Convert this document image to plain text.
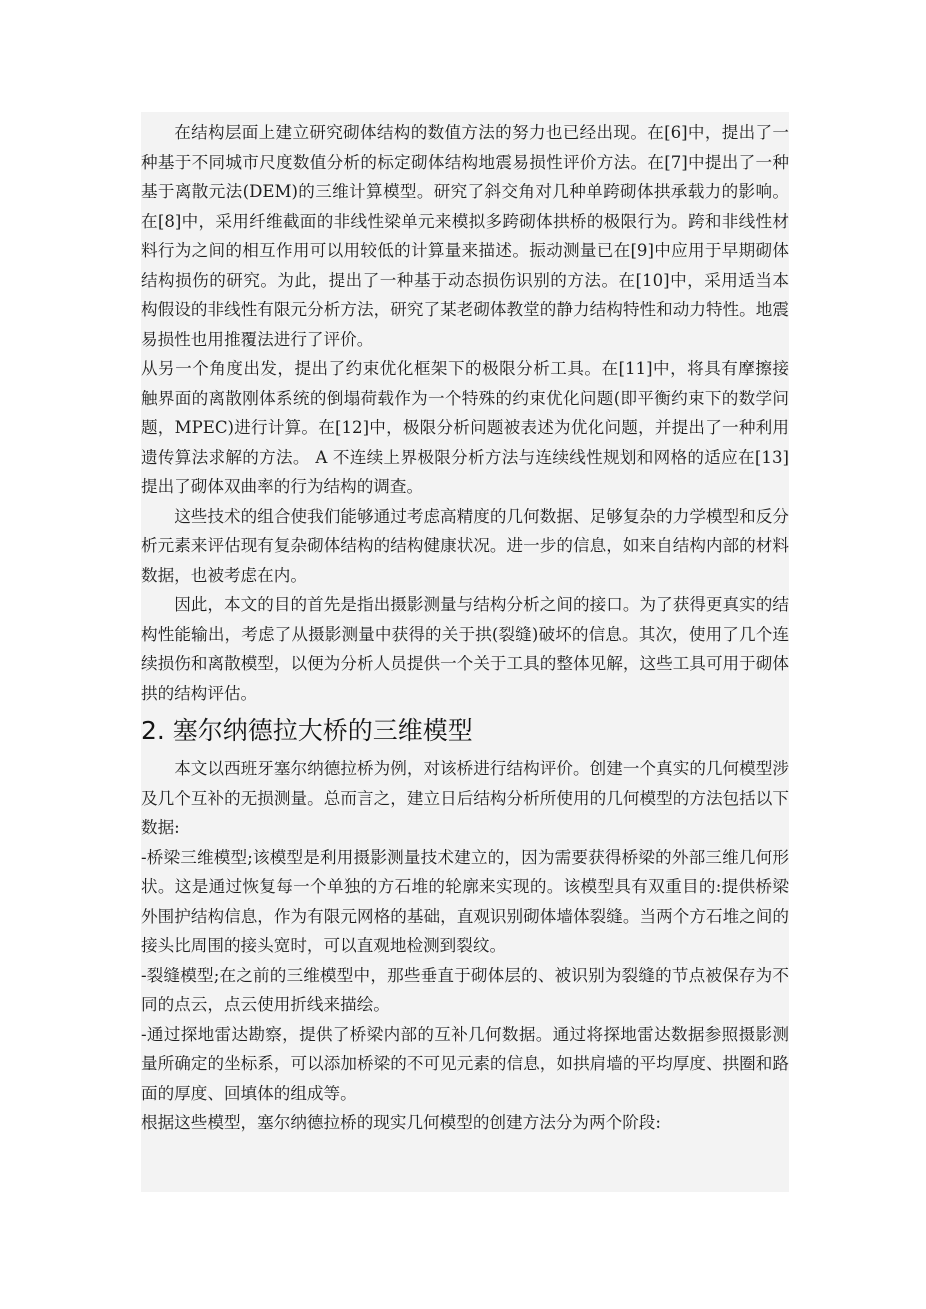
在结构层面上建立研究砌体结构的数值方法的努力也已经出现。在[6]中，提出了一种基于不同城市尺度数值分析的标定砌体结构地震易损性评价方法。在[7]中提出了一种基于离散元法(DEM)的三维计算模型。研究了斜交角对几种单跨砌体拱承载力的影响。在[8]中，采用纤维截面的非线性梁单元来模拟多跨砌体拱桥的极限行为。跨和非线性材料行为之间的相互作用可以用较低的计算量来描述。振动测量已在[9]中应用于早期砌体结构损伤的研究。为此，提出了一种基于动态损伤识别的方法。在[10]中，采用适当本构假设的非线性有限元分析方法，研究了某老砌体教堂的静力结构特性和动力特性。地震易损性也用推覆法进行了评价。

从另一个角度出发，提出了约束优化框架下的极限分析工具。在[11]中，将具有摩擦接触界面的离散刚体系统的倒塌荷载作为一个特殊的约束优化问题(即平衡约束下的数学问题，MPEC)进行计算。在[12]中，极限分析问题被表述为优化问题，并提出了一种利用遗传算法求解的方法。 A 不连续上界极限分析方法与连续线性规划和网格的适应在[13]提出了砌体双曲率的行为结构的调查。

这些技术的组合使我们能够通过考虑高精度的几何数据、足够复杂的力学模型和反分析元素来评估现有复杂砌体结构的结构健康状况。进一步的信息，如来自结构内部的材料数据，也被考虑在内。

因此，本文的目的首先是指出摄影测量与结构分析之间的接口。为了获得更真实的结构性能输出，考虑了从摄影测量中获得的关于拱(裂缝)破坏的信息。其次，使用了几个连续损伤和离散模型，以便为分析人员提供一个关于工具的整体见解，这些工具可用于砌体拱的结构评估。

2. 塞尔纳德拉大桥的三维模型

本文以西班牙塞尔纳德拉桥为例，对该桥进行结构评价。创建一个真实的几何模型涉及几个互补的无损测量。总而言之，建立日后结构分析所使用的几何模型的方法包括以下数据:

-桥梁三维模型;该模型是利用摄影测量技术建立的，因为需要获得桥梁的外部三维几何形状。这是通过恢复每一个单独的方石堆的轮廓来实现的。该模型具有双重目的:提供桥梁外围护结构信息，作为有限元网格的基础，直观识别砌体墙体裂缝。当两个方石堆之间的接头比周围的接头宽时，可以直观地检测到裂纹。

-裂缝模型;在之前的三维模型中，那些垂直于砌体层的、被识别为裂缝的节点被保存为不同的点云，点云使用折线来描绘。

-通过探地雷达勘察，提供了桥梁内部的互补几何数据。通过将探地雷达数据参照摄影测量所确定的坐标系，可以添加桥梁的不可见元素的信息，如拱肩墙的平均厚度、拱圈和路面的厚度、回填体的组成等。

根据这些模型，塞尔纳德拉桥的现实几何模型的创建方法分为两个阶段:
